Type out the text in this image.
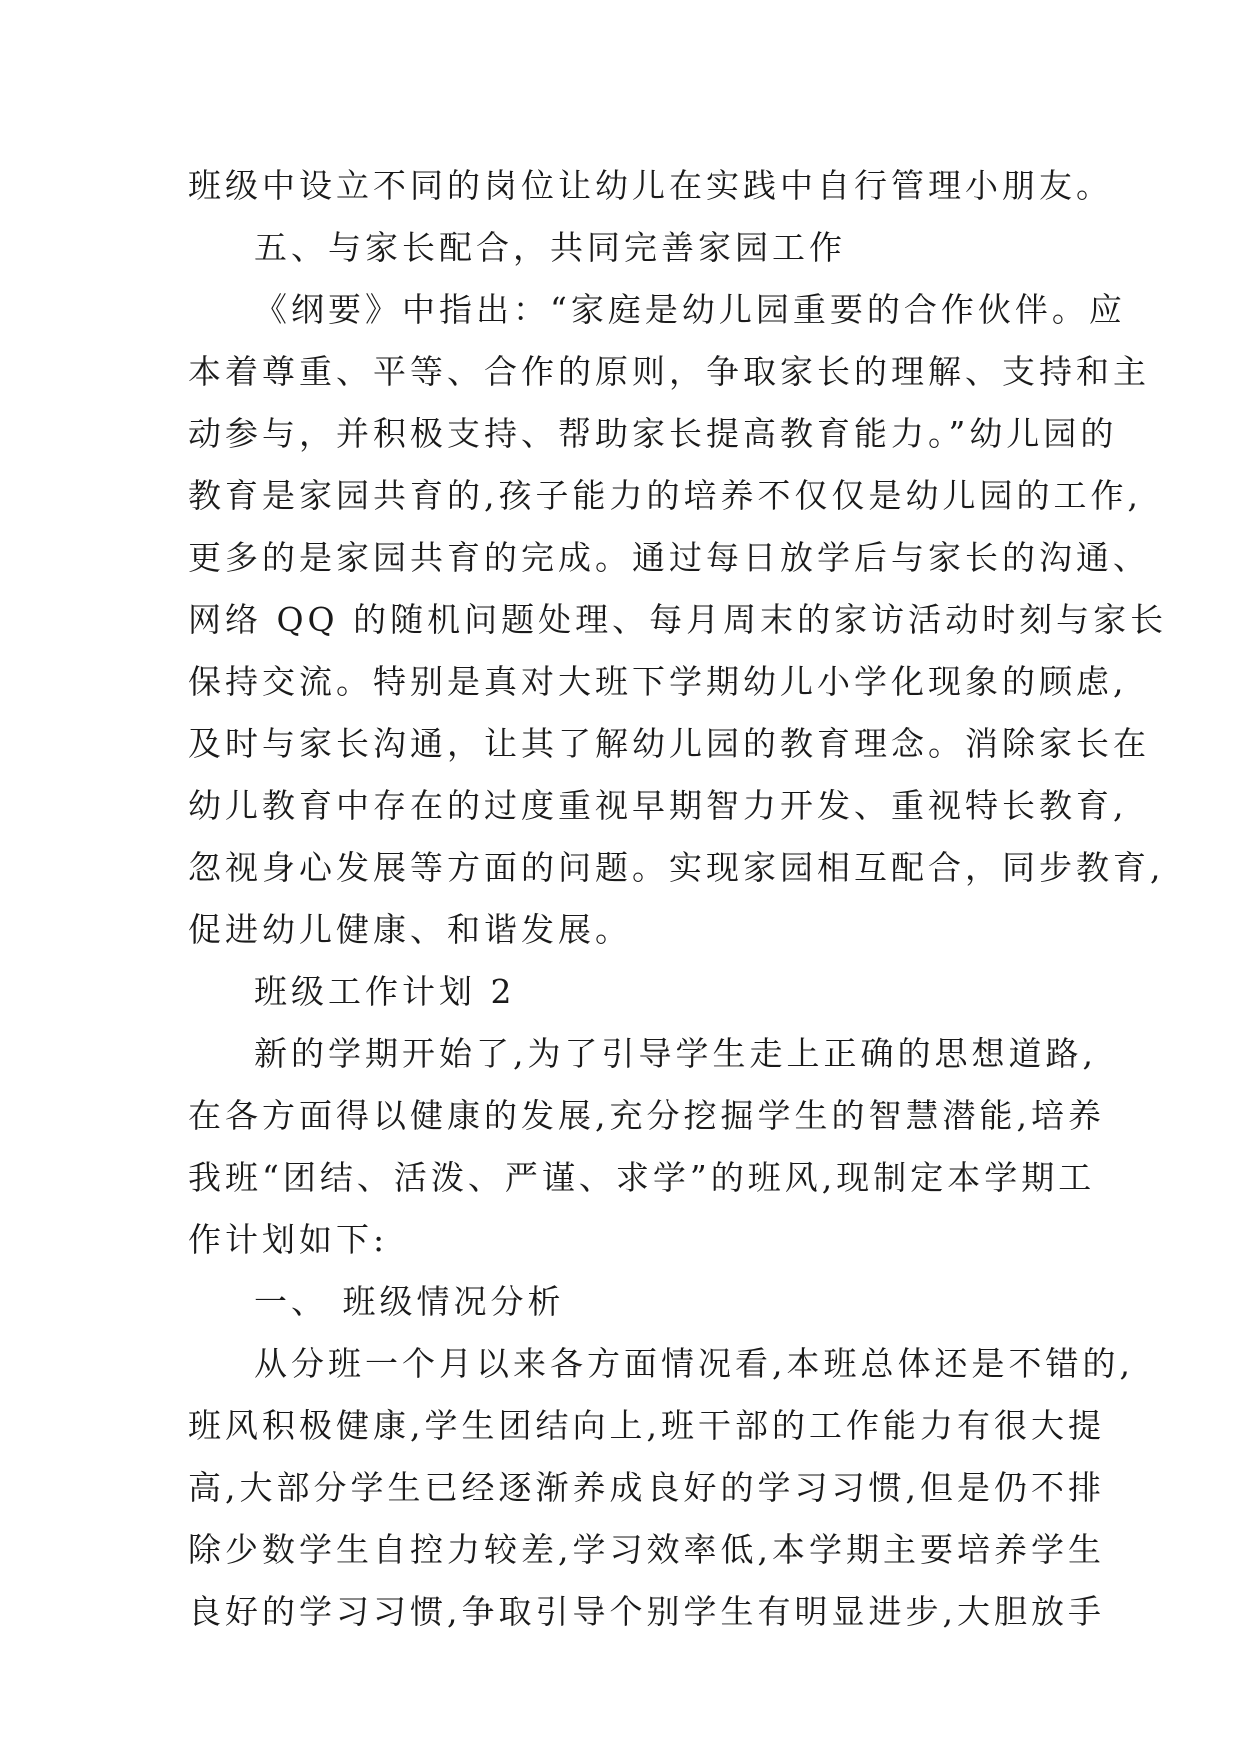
班级中设立不同的岗位让幼儿在实践中自行管理小朋友。
五、与家长配合，共同完善家园工作
《纲要》中指出：“家庭是幼儿园重要的合作伙伴。应
本着尊重、平等、合作的原则，争取家长的理解、支持和主
动参与，并积极支持、帮助家长提高教育能力。”幼儿园的
教育是家园共育的,孩子能力的培养不仅仅是幼儿园的工作,
更多的是家园共育的完成。通过每日放学后与家长的沟通、
网络 QQ 的随机问题处理、每月周末的家访活动时刻与家长
保持交流。特别是真对大班下学期幼儿小学化现象的顾虑,
及时与家长沟通，让其了解幼儿园的教育理念。消除家长在
幼儿教育中存在的过度重视早期智力开发、重视特长教育,
忽视身心发展等方面的问题。实现家园相互配合，同步教育,
促进幼儿健康、和谐发展。
班级工作计划 2
新的学期开始了,为了引导学生走上正确的思想道路,
在各方面得以健康的发展,充分挖掘学生的智慧潜能,培养
我班“团结、活泼、严谨、求学”的班风,现制定本学期工
作计划如下:
一、 班级情况分析
从分班一个月以来各方面情况看,本班总体还是不错的,
班风积极健康,学生团结向上,班干部的工作能力有很大提
高,大部分学生已经逐渐养成良好的学习习惯,但是仍不排
除少数学生自控力较差,学习效率低,本学期主要培养学生
良好的学习习惯,争取引导个别学生有明显进步,大胆放手
